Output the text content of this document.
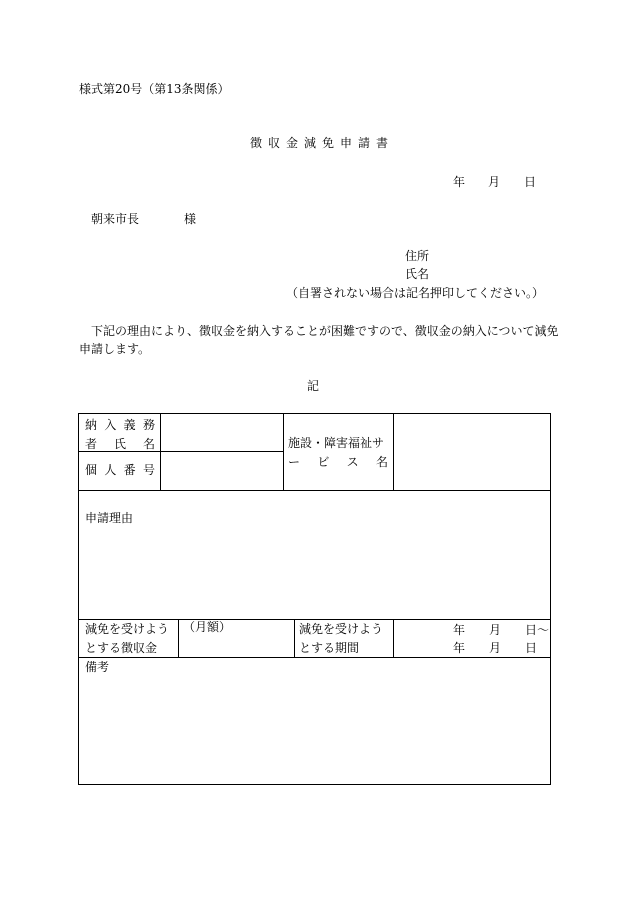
様式第20号（第13条関係）
徴収金減免申請書
年 月 日
朝来市長	様
住所
氏名
（自署されない場合は記名押印してください。）
下記の理由により、徴収金を納入することが困難ですので、徴収金の納入について減免
申請します。
記
納 入 義 務
者 氏 名
個 人 番 号
施設・障害福祉サ
ー ビ ス 名
申請理由
減免を受けよう
とする徴収金
（月額）	減免を受けよう
とする期間
年 月 日～
年 月 日
備考
